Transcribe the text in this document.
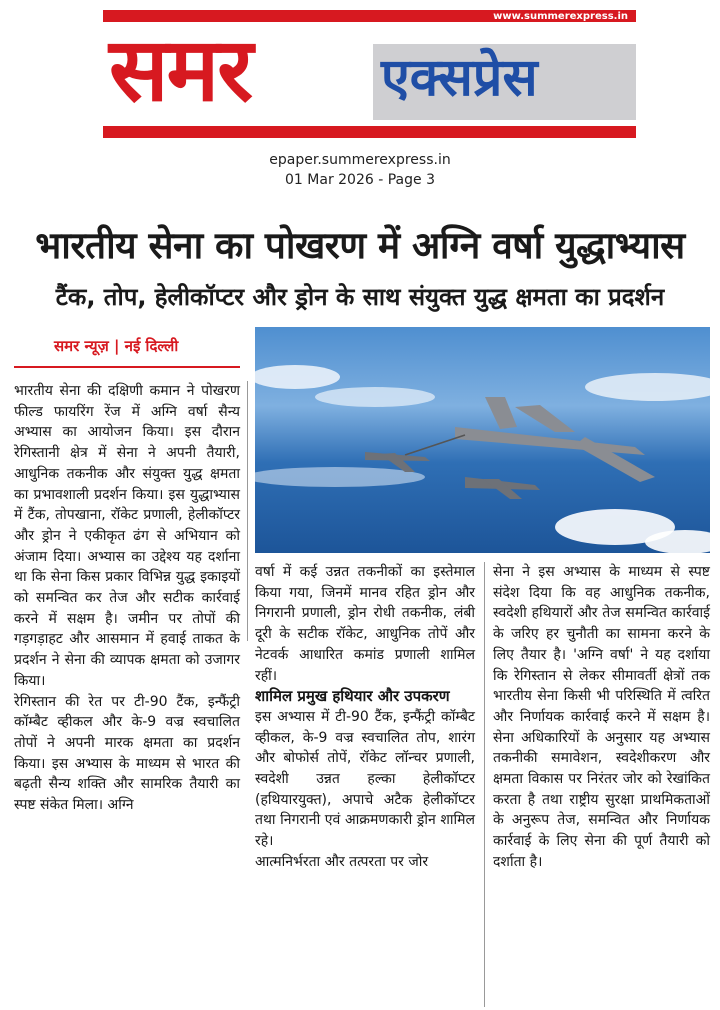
www.summerexpress.in
समर एक्सप्रेस
epaper.summerexpress.in
01 Mar 2026 - Page 3
भारतीय सेना का पोखरण में अग्नि वर्षा युद्धाभ्यास
टैंक, तोप, हेलीकॉप्टर और ड्रोन के साथ संयुक्त युद्ध क्षमता का प्रदर्शन
समर न्यूज़ | नई दिल्ली

भारतीय सेना की दक्षिणी कमान ने पोखरण फील्ड फायरिंग रेंज में अग्नि वर्षा सैन्य अभ्यास का आयोजन किया। इस दौरान रेगिस्तानी क्षेत्र में सेना ने अपनी तैयारी, आधुनिक तकनीक और संयुक्त युद्ध क्षमता का प्रभावशाली प्रदर्शन किया। इस युद्धाभ्यास में टैंक, तोपखाना, रॉकेट प्रणाली, हेलीकॉप्टर और ड्रोन ने एकीकृत ढंग से अभियान को अंजाम दिया। अभ्यास का उद्देश्य यह दर्शाना था कि सेना किस प्रकार विभिन्न युद्ध इकाइयों को समन्वित कर तेज और सटीक कार्रवाई करने में सक्षम है। जमीन पर तोपों की गड़गड़ाहट और आसमान में हवाई ताकत के प्रदर्शन ने सेना की व्यापक क्षमता को उजागर किया।

रेगिस्तान की रेत पर टी-90 टैंक, इन्फैंट्री कॉम्बैट व्हीकल और के-9 वज्र स्वचालित तोपों ने अपनी मारक क्षमता का प्रदर्शन किया। इस अभ्यास के माध्यम से भारत की बढ़ती सैन्य शक्ति और सामरिक तैयारी का स्पष्ट संकेत मिला। अग्नि

वर्षा में कई उन्नत तकनीकों का इस्तेमाल किया गया, जिनमें मानव रहित ड्रोन और निगरानी प्रणाली, ड्रोन रोधी तकनीक, लंबी दूरी के सटीक रॉकेट, आधुनिक तोपें और नेटवर्क आधारित कमांड प्रणाली शामिल रहीं।

शामिल प्रमुख हथियार और उपकरण

इस अभ्यास में टी-90 टैंक, इन्फैंट्री कॉम्बैट व्हीकल, के-9 वज्र स्वचालित तोप, शारंग और बोफोर्स तोपें, रॉकेट लॉन्चर प्रणाली, स्वदेशी उन्नत हल्का हेलीकॉप्टर (हथियारयुक्त), अपाचे अटैक हेलीकॉप्टर तथा निगरानी एवं आक्रमणकारी ड्रोन शामिल रहे।

आत्मनिर्भरता और तत्परता पर जोर

सेना ने इस अभ्यास के माध्यम से स्पष्ट संदेश दिया कि वह आधुनिक तकनीक, स्वदेशी हथियारों और तेज समन्वित कार्रवाई के जरिए हर चुनौती का सामना करने के लिए तैयार है। 'अग्नि वर्षा' ने यह दर्शाया कि रेगिस्तान से लेकर सीमावर्ती क्षेत्रों तक भारतीय सेना किसी भी परिस्थिति में त्वरित और निर्णायक कार्रवाई करने में सक्षम है। सेना अधिकारियों के अनुसार यह अभ्यास तकनीकी समावेशन, स्वदेशीकरण और क्षमता विकास पर निरंतर जोर को रेखांकित करता है तथा राष्ट्रीय सुरक्षा प्राथमिकताओं के अनुरूप तेज, समन्वित और निर्णायक कार्रवाई के लिए सेना की पूर्ण तैयारी को दर्शाता है।
